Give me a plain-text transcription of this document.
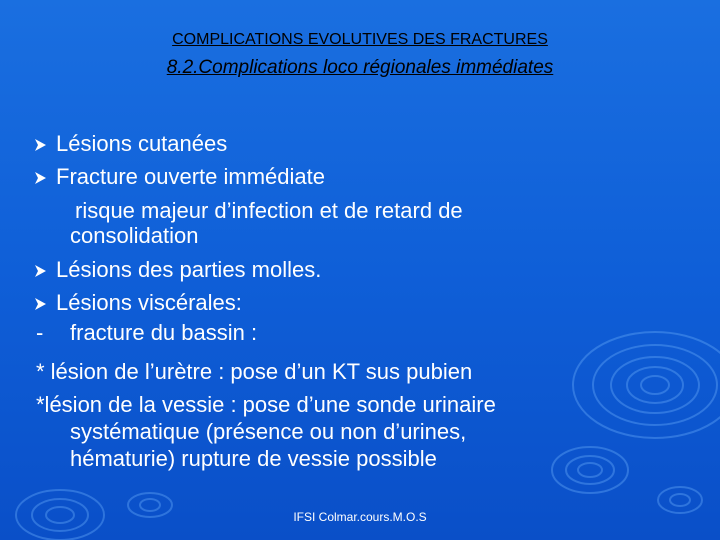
COMPLICATIONS EVOLUTIVES DES FRACTURES
8.2.Complications loco régionales immédiates
Lésions cutanées
Fracture ouverte immédiate
risque majeur d’infection et de retard de
consolidation
Lésions des parties molles.
Lésions viscérales:
- fracture du bassin :
* lésion de l’urètre : pose d’un KT sus pubien
*lésion de la vessie : pose d’une sonde urinaire
systématique (présence ou non d’urines,
hématurie) rupture de vessie possible
IFSI Colmar.cours.M.O.S
